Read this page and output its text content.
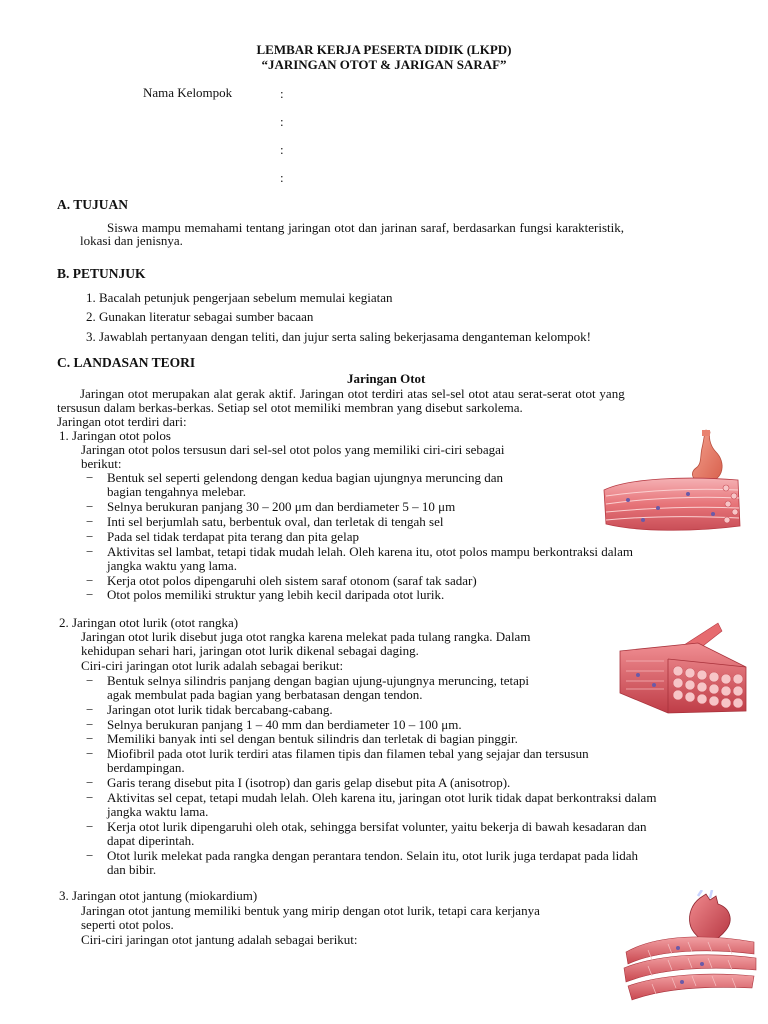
LEMBAR KERJA PESERTA DIDIK (LKPD)
“JARINGAN OTOT & JARIGAN SARAF”
Nama Kelompok	:
:
:
:
A. TUJUAN
Siswa mampu memahami tentang jaringan otot dan jarinan saraf, berdasarkan fungsi karakteristik,
lokasi dan jenisnya.
B. PETUNJUK
1. Bacalah petunjuk pengerjaan sebelum memulai kegiatan
2. Gunakan literatur sebagai sumber bacaan
3. Jawablah pertanyaan dengan teliti, dan jujur serta saling bekerjasama denganteman kelompok!
C. LANDASAN TEORI
Jaringan Otot
Jaringan otot merupakan alat gerak aktif. Jaringan otot terdiri atas sel-sel otot atau serat-serat otot yang
tersusun dalam berkas-berkas. Setiap sel otot memiliki membran yang disebut sarkolema.
Jaringan otot terdiri dari:
1. Jaringan otot polos
Jaringan otot polos tersusun dari sel-sel otot polos yang memiliki ciri-ciri sebagai
berikut:
− Bentuk sel seperti gelendong dengan kedua bagian ujungnya meruncing dan
bagian tengahnya melebar.
− Selnya berukuran panjang 30 – 200 μm dan berdiameter 5 – 10 μm
− Inti sel berjumlah satu, berbentuk oval, dan terletak di tengah sel
− Pada sel tidak terdapat pita terang dan pita gelap
− Aktivitas sel lambat, tetapi tidak mudah lelah. Oleh karena itu, otot polos mampu berkontraksi dalam
jangka waktu yang lama.
− Kerja otot polos dipengaruhi oleh sistem saraf otonom (saraf tak sadar)
− Otot polos memiliki struktur yang lebih kecil daripada otot lurik.
2. Jaringan otot lurik (otot rangka)
Jaringan otot lurik disebut juga otot rangka karena melekat pada tulang rangka. Dalam
kehidupan sehari hari, jaringan otot lurik dikenal sebagai daging.
Ciri-ciri jaringan otot lurik adalah sebagai berikut:
− Bentuk selnya silindris panjang dengan bagian ujung-ujungnya meruncing, tetapi
agak membulat pada bagian yang berbatasan dengan tendon.
− Jaringan otot lurik tidak bercabang-cabang.
− Selnya berukuran panjang 1 – 40 mm dan berdiameter 10 – 100 μm.
− Memiliki banyak inti sel dengan bentuk silindris dan terletak di bagian pinggir.
− Miofibril pada otot lurik terdiri atas filamen tipis dan filamen tebal yang sejajar dan tersusun
berdampingan.
− Garis terang disebut pita I (isotrop) dan garis gelap disebut pita A (anisotrop).
− Aktivitas sel cepat, tetapi mudah lelah. Oleh karena itu, jaringan otot lurik tidak dapat berkontraksi dalam
jangka waktu lama.
− Kerja otot lurik dipengaruhi oleh otak, sehingga bersifat volunter, yaitu bekerja di bawah kesadaran dan
dapat diperintah.
− Otot lurik melekat pada rangka dengan perantara tendon. Selain itu, otot lurik juga terdapat pada lidah
dan bibir.
3. Jaringan otot jantung (miokardium)
Jaringan otot jantung memiliki bentuk yang mirip dengan otot lurik, tetapi cara kerjanya
seperti otot polos.
Ciri-ciri jaringan otot jantung adalah sebagai berikut:
